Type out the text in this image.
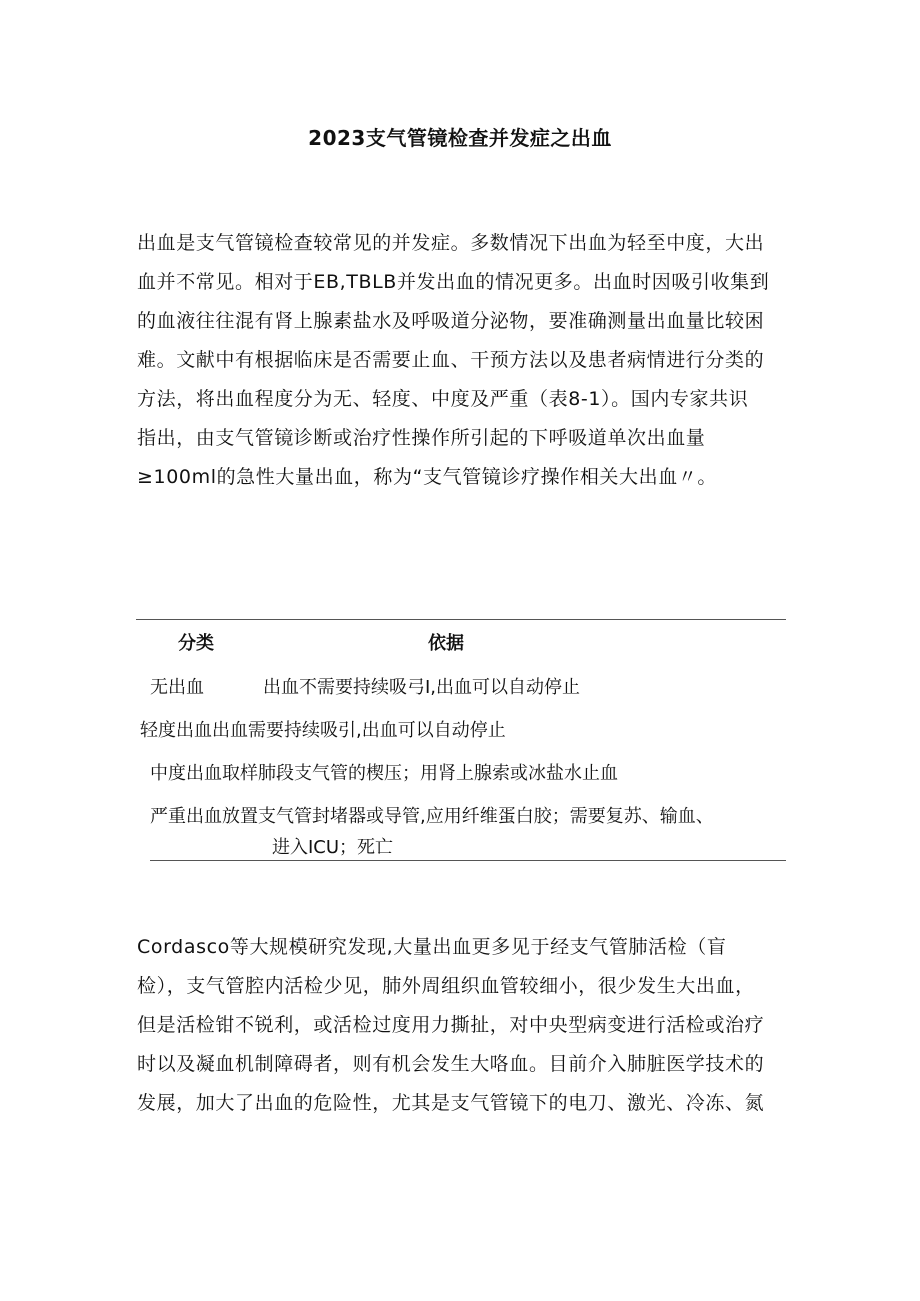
2023支气管镜检查并发症之出血
出血是支气管镜检查较常见的并发症。多数情况下出血为轻至中度，大出
血并不常见。相对于EB,TBLB并发出血的情况更多。出血时因吸引收集到
的血液往往混有肾上腺素盐水及呼吸道分泌物，要准确测量出血量比较困
难。文献中有根据临床是否需要止血、干预方法以及患者病情进行分类的
方法，将出血程度分为无、轻度、中度及严重（表8-1）。国内专家共识
指出，由支气管镜诊断或治疗性操作所引起的下呼吸道单次出血量
≥100ml的急性大量出血，称为“支气管镜诊疗操作相关大出血〃。
分类	依据
无出血	出血不需要持续吸弓I,出血可以自动停止
轻度出血出血需要持续吸引,出血可以自动停止
中度出血取样肺段支气管的楔压；用肾上腺索或冰盐水止血
严重出血放置支气管封堵器或导管,应用纤维蛋白胶；需要复苏、输血、
进入ICU；死亡
Cordasco等大规模研究发现,大量出血更多见于经支气管肺活检（盲
检），支气管腔内活检少见，肺外周组织血管较细小，很少发生大出血，
但是活检钳不锐利，或活检过度用力撕扯，对中央型病变进行活检或治疗
时以及凝血机制障碍者，则有机会发生大咯血。目前介入肺脏医学技术的
发展，加大了出血的危险性，尤其是支气管镜下的电刀、激光、冷冻、氮
